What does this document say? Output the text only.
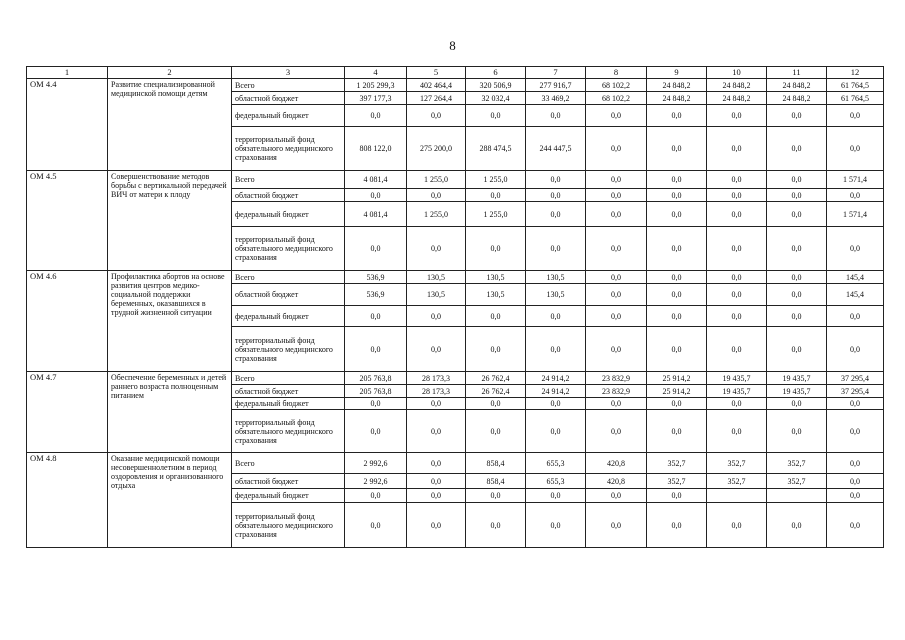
8
1	2	3	4	5	6	7	8	9	10	11	12
ОМ 4.4	Развитие специализированной медицинской помощи детям	Всего	1 205 299,3	402 464,4	320 506,9	277 916,7	68 102,2	24 848,2	24 848,2	24 848,2	61 764,5
		областной бюджет	397 177,3	127 264,4	32 032,4	33 469,2	68 102,2	24 848,2	24 848,2	24 848,2	61 764,5
		федеральный бюджет	0,0	0,0	0,0	0,0	0,0	0,0	0,0	0,0	0,0
		территориальный фонд обязательного медицинского страхования	808 122,0	275 200,0	288 474,5	244 447,5	0,0	0,0	0,0	0,0	0,0
ОМ 4.5	Совершенствование методов борьбы с вертикальной передачей ВИЧ от матери к плоду	Всего	4 081,4	1 255,0	1 255,0	0,0	0,0	0,0	0,0	0,0	1 571,4
		областной бюджет	0,0	0,0	0,0	0,0	0,0	0,0	0,0	0,0	0,0
		федеральный бюджет	4 081,4	1 255,0	1 255,0	0,0	0,0	0,0	0,0	0,0	1 571,4
		территориальный фонд обязательного медицинского страхования	0,0	0,0	0,0	0,0	0,0	0,0	0,0	0,0	0,0
ОМ 4.6	Профилактика абортов на основе развития центров медико-социальной поддержки беременных, оказавшихся в трудной жизненной ситуации	Всего	536,9	130,5	130,5	130,5	0,0	0,0	0,0	0,0	145,4
		областной бюджет	536,9	130,5	130,5	130,5	0,0	0,0	0,0	0,0	145,4
		федеральный бюджет	0,0	0,0	0,0	0,0	0,0	0,0	0,0	0,0	0,0
		территориальный фонд обязательного медицинского страхования	0,0	0,0	0,0	0,0	0,0	0,0	0,0	0,0	0,0
ОМ 4.7	Обеспечение беременных и детей раннего возраста полноценным питанием	Всего	205 763,8	28 173,3	26 762,4	24 914,2	23 832,9	25 914,2	19 435,7	19 435,7	37 295,4
		областной бюджет	205 763,8	28 173,3	26 762,4	24 914,2	23 832,9	25 914,2	19 435,7	19 435,7	37 295,4
		федеральный бюджет	0,0	0,0	0,0	0,0	0,0	0,0	0,0	0,0	0,0
		территориальный фонд обязательного медицинского страхования	0,0	0,0	0,0	0,0	0,0	0,0	0,0	0,0	0,0
ОМ 4.8	Оказание медицинской помощи несовершеннолетним в период оздоровления и организованного отдыха	Всего	2 992,6	0,0	858,4	655,3	420,8	352,7	352,7	352,7	0,0
		областной бюджет	2 992,6	0,0	858,4	655,3	420,8	352,7	352,7	352,7	0,0
		федеральный бюджет	0,0	0,0	0,0	0,0	0,0	0,0			0,0
		территориальный фонд обязательного медицинского страхования	0,0	0,0	0,0	0,0	0,0	0,0	0,0	0,0	0,0
